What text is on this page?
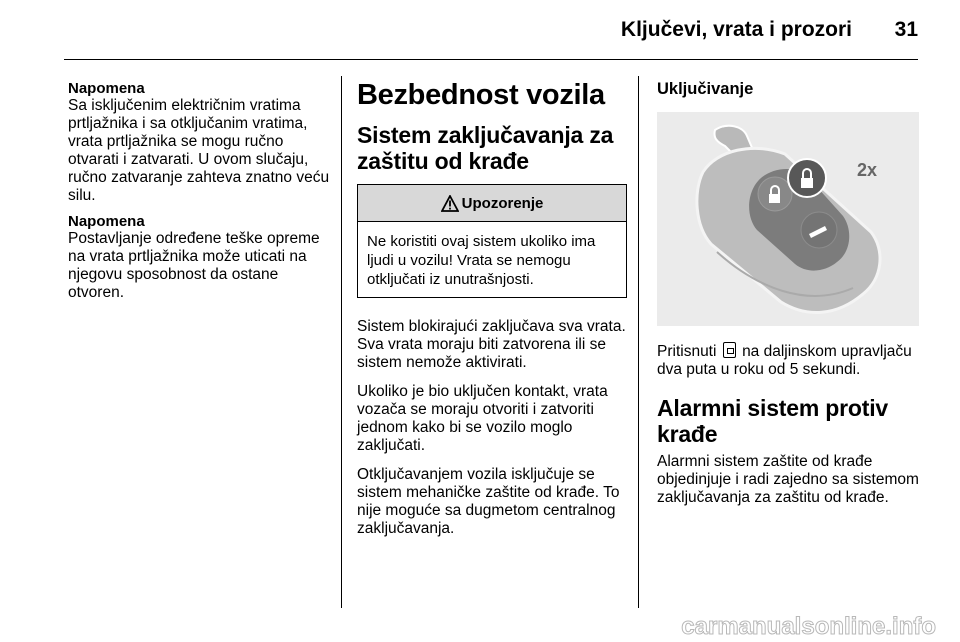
Ključevi, vrata i prozori 31
Napomena

Sa isključenim električnim vratima prtljažnika i sa otključanim vratima, vrata prtljažnika se mogu ručno otvarati i zatvarati. U ovom slučaju, ručno zatvaranje zahteva znatno veću silu.

Napomena

Postavljanje određene teške opreme na vrata prtljažnika može uticati na njegovu sposobnost da ostane otvoren.

Bezbednost vozila
Sistem zaključavanja za zaštitu od krađe
Upozorenje
Ne koristiti ovaj sistem ukoliko ima ljudi u vozilu! Vrata se nemogu otključati iz unutrašnjosti.

Sistem blokirajući zaključava sva vrata. Sva vrata moraju biti zatvorena ili se sistem nemože aktivirati.

Ukoliko je bio uključen kontakt, vrata vozača se moraju otvoriti i zatvoriti jednom kako bi se vozilo moglo zaključati.

Otključavanjem vozila isključuje se sistem mehaničke zaštite od krađe. To nije moguće sa dugmetom centralnog zaključavanja.

Uključivanje
2x

Pritisnuti na daljinskom upravljaču dva puta u roku od 5 sekundi.

Alarmni sistem protiv krađe

Alarmni sistem zaštite od krađe objedinjuje i radi zajedno sa sistemom zaključavanja za zaštitu od krađe.

carmanualsonline.info
